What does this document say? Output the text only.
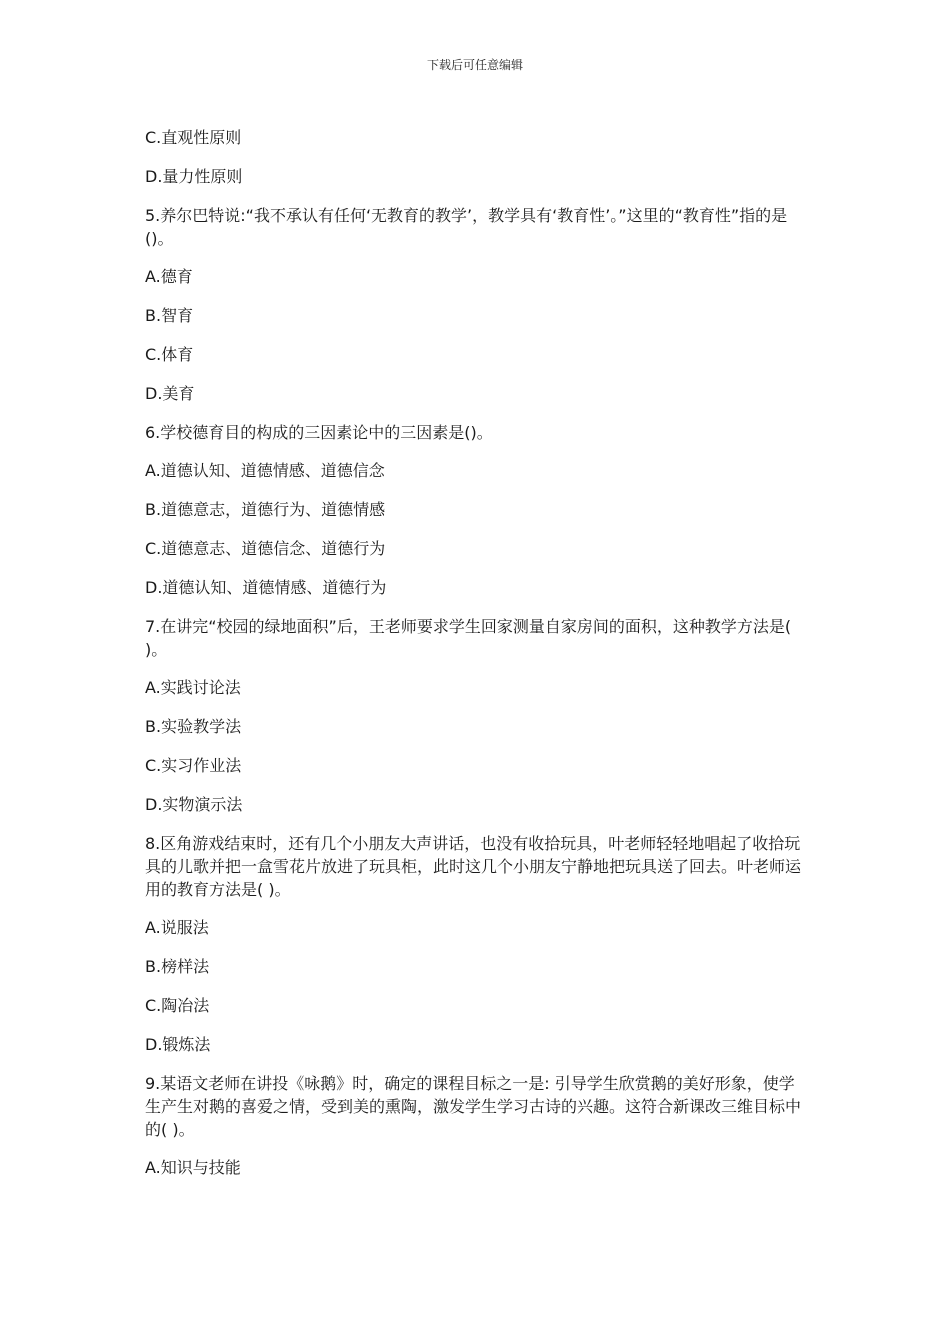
下载后可任意编辑
C.直观性原则
D.量力性原则
5.养尔巴特说:“我不承认有任何‘无教育的教学’，教学具有‘教育性’。”这里的“教育性”指的是()。
A.德育
B.智育
C.体育
D.美育
6.学校德育目的构成的三因素论中的三因素是()。
A.道德认知、道德情感、道德信念
B.道德意志，道德行为、道德情感
C.道德意志、道德信念、道德行为
D.道德认知、道德情感、道德行为
7.在讲完“校园的绿地面积”后，王老师要求学生回家测量自家房间的面积，这种教学方法是( )。
A.实践讨论法
B.实验教学法
C.实习作业法
D.实物演示法
8.区角游戏结束时，还有几个小朋友大声讲话，也没有收拾玩具，叶老师轻轻地唱起了收拾玩具的儿歌并把一盒雪花片放进了玩具柜，此时这几个小朋友宁静地把玩具送了回去。叶老师运用的教育方法是( )。
A.说服法
B.榜样法
C.陶冶法
D.锻炼法
9.某语文老师在讲投《咏鹅》时，确定的课程目标之一是: 引导学生欣赏鹅的美好形象，使学生产生对鹅的喜爱之情，受到美的熏陶，激发学生学习古诗的兴趣。这符合新课改三维目标中的( )。
A.知识与技能
